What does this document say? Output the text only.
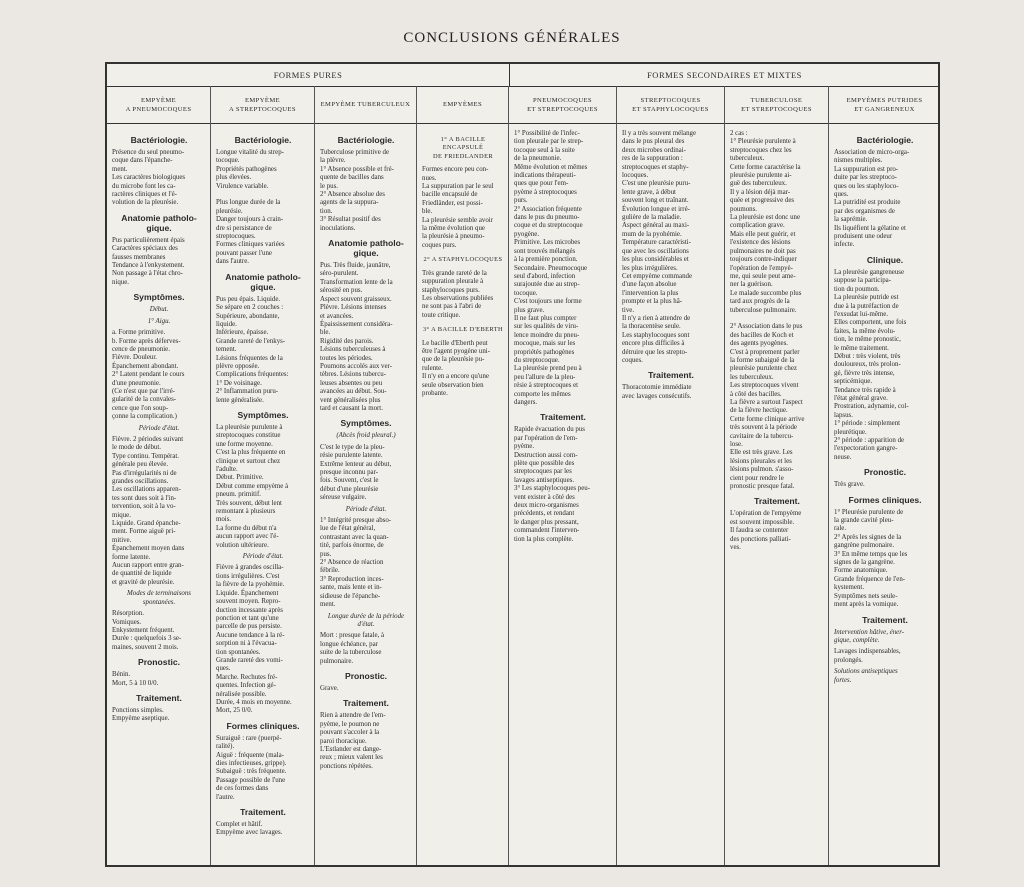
CONCLUSIONS GÉNÉRALES
FORMES PURES	FORMES SECONDAIRES ET MIXTES
EMPYÈME
A PNEUMOCOQUES
Bactériologie.

Présence du seul pneumo-
coque dans l'épanche-
ment.
Les caractères biologiques
du microbe font les ca-
ractères cliniques et l'é-
volution de la pleurésie.

Anatomie patholo-
gique.

Pus particulièrement épais
Caractères spéciaux des
fausses membranes
Tendance à l'enkystement.
Non passage à l'état chro-
nique.

Symptômes.

Début.

1° Aigu.

a. Forme primitive.
b. Forme après déferves-
cence de pneumonie.
Fièvre. Douleur.
Épanchement abondant.
2° Latent pendant le cours
d'une pneumonie.
(Ce n'est que par l'irré-
gularité de la convales-
cence que l'on soup-
çonne la complication.)

Période d'état.

Fièvre. 2 périodes suivant
le mode de début.
Type continu. Températ.
générale peu élevée.
Pas d'irrégularités ni de
grandes oscillations.
Les oscillations apparen-
tes sont dues soit à l'in-
tervention, soit à la vo-
mique.
Liquide. Grand épanche-
ment. Forme aiguë pri-
mitive.
Épanchement moyen dans
forme latente.
Aucun rapport entre gran-
de quantité de liquide
et gravité de pleurésie.

Modes de terminaisons
spontanées.

Résorption.
Vomiques.
Enkystement fréquent.
Durée : quelquefois 3 se-
maines, souvent 2 mois.

Pronostic.

Bénin.
Mort, 5 à 10 0/0.

Traitement.

Ponctions simples.
Empyème aseptique.

EMPYÈME
A STREPTOCOQUES
Bactériologie.

Longue vitalité du strep-
tocoque.
Propriétés pathogènes
plus élevées.
Virulence variable.

Plus longue durée de la
pleurésie.
Danger toujours à crain-
dre si persistance de
streptocoques.
Formes cliniques variées
pouvant passer l'une
dans l'autre.

Anatomie patholo-
gique.

Pus peu épais. Liquide.
Se sépare en 2 couches :
Supérieure, abondante,
liquide.
Inférieure, épaisse.
Grande rareté de l'enkys-
tement.
Lésions fréquentes de la
plèvre opposée.
Complications fréquentes:
1° De voisinage.
2° Inflammation puru-
lente généralisée.

Symptômes.

La pleurésie purulente à
streptocoques constitue
une forme moyenne.
C'est la plus fréquente en
clinique et surtout chez
l'adulte.
Début. Primitive.
Début comme empyème à
pneum. primitif.
Très souvent, début lent
remontant à plusieurs
mois.
La forme du début n'a
aucun rapport avec l'é-
volution ultérieure.

Période d'état.

Fièvre à grandes oscilla-
tions irrégulières. C'est
la fièvre de la pyohémie.
Liquide. Épanchement
souvent moyen. Repro-
duction incessante après
ponction et tant qu'une
parcelle de pus persiste.
Aucune tendance à la ré-
sorption ni à l'évacua-
tion spontanées.
Grande rareté des vomi-
ques.
Marche. Rechutes fré-
quentes. Infection gé-
néralisée possible.
Durée, 4 mois en moyenne.
Mort, 25 0/0.

Formes cliniques.

Suraiguë : rare (puerpé-
ralité).
Aiguë : fréquente (mala-
dies infectieuses, grippe).
Subaiguë : très fréquente.
Passage possible de l'une
de ces formes dans
l'autre.

Traitement.

Complet et hâtif.
Empyème avec lavages.

EMPYÈME TUBERCULEUX
Bactériologie.

Tuberculose primitive de
la plèvre.
1° Absence possible et fré-
quente de bacilles dans
le pus.
2° Absence absolue des
agents de la suppura-
tion.
3° Résultat positif des
inoculations.

Anatomie patholo-
gique.

Pus. Très fluide, jaunâtre,
séro-purulent.
Transformation lente de la
sérosité en pus.
Aspect souvent graisseux.
Plèvre. Lésions intenses
et avancées.
Épaississement considéra-
ble.
Rigidité des parois.
Lésions tuberculeuses à
toutes les périodes.
Poumons accolés aux ver-
tèbres. Lésions tubercu-
leuses absentes ou peu
avancées au début. Sou-
vent généralisées plus
tard et causant la mort.

Symptômes.

(Abcès froid pleural.)

C'est le type de la pleu-
résie purulente latente.
Extrême lenteur au début,
presque inconnu par-
fois. Souvent, c'est le
début d'une pleurésie
séreuse vulgaire.

Période d'état.

1° Intégrité presque abso-
lue de l'état général,
contrastant avec la quan-
tité, parfois énorme, de
pus.
2° Absence de réaction
fébrile.
3° Reproduction inces-
sante, mais lente et in-
sidieuse de l'épanche-
ment.

Longue durée de la période
d'état.

Mort : presque fatale, à
longue échéance, par
suite de la tuberculose
pulmonaire.

Pronostic.

Grave.

Traitement.

Rien à attendre de l'em-
pyème, le poumon ne
pouvant s'accoler à la
paroi thoracique.
L'Estlander est dange-
reux ; mieux valent les
ponctions répétées.

EMPYÈMES
1° A BACILLE ENCAPSULÉ
DE FRIEDLANDER

Formes encore peu con-
nues.
La suppuration par le seul
bacille encapsulé de
Friedländer, est possi-
ble.
La pleurésie semble avoir
la même évolution que
la pleurésie à pneumo-
coques purs.

2° A STAPHYLOCOQUES

Très grande rareté de la
suppuration pleurale à
staphylocoques purs.
Les observations publiées
ne sont pas à l'abri de
toute critique.

3° A BACILLE D'EBERTH

Le bacille d'Eberth peut
être l'agent pyogène uni-
que de la pleurésie pu-
rulente.
Il n'y en a encore qu'une
seule observation bien
probante.

PNEUMOCOQUES
ET STREPTOCOQUES

1° Possibilité de l'infec-
tion pleurale par le strep-
tocoque seul à la suite
de la pneumonie.
Même évolution et mêmes
indications thérapeuti-
ques que pour l'em-
pyème à streptocoques
purs.
2° Association fréquente
dans le pus du pneumo-
coque et du streptocoque
pyogène.
Primitive. Les microbes
sont trouvés mélangés
à la première ponction.
Secondaire. Pneumocoque
seul d'abord, infection
surajoutée due au strep-
tocoque.
C'est toujours une forme
plus grave.
Il ne faut plus compter
sur les qualités de viru-
lence moindre du pneu-
mocoque, mais sur les
propriétés pathogènes
du streptocoque.
La pleurésie prend peu à
peu l'allure de la pleu-
résie à streptocoques et
comporte les mêmes
dangers.

Traitement.

Rapide évacuation du pus
par l'opération de l'em-
pyème.
Destruction aussi com-
plète que possible des
streptocoques par les
lavages antiseptiques.
3° Les staphylocoques peu-
vent exister à côté des
deux micro-organismes
précédents, et rendant
le danger plus pressant,
commandent l'interven-
tion la plus complète.

STREPTOCOQUES
ET STAPHYLOCOQUES

Il y a très souvent mélange
dans le pus pleural des
deux microbes ordinai-
res de la suppuration :
streptocoques et staphy-
locoques.
C'est une pleurésie puru-
lente grave, à début
souvent long et traînant.
Évolution longue et irré-
gulière de la maladie.
Aspect général au maxi-
mum de la pyohémie.
Température caractéristi-
que avec les oscillations
les plus considérables et
les plus irrégulières.
Cet empyème commande
d'une façon absolue
l'intervention la plus
prompte et la plus hâ-
tive.
Il n'y a rien à attendre de
la thoracentèse seule.
Les staphylocoques sont
encore plus difficiles à
détruire que les strepto-
coques.

Traitement.

Thoracotomie immédiate
avec lavages consécutifs.

TUBERCULOSE
ET STREPTOCOQUES

2 cas :
1° Pleurésie purulente à
streptocoques chez les
tuberculeux.
Cette forme caractérise la
pleurésie purulente ai-
guë des tuberculeux.
Il y a lésion déjà mar-
quée et progressive des
poumons.
La pleurésie est donc une
complication grave.
Mais elle peut guérir, et
l'existence des lésions
pulmonaires ne doit pas
toujours contre-indiquer
l'opération de l'empyè-
me, qui seule peut ame-
ner la guérison.
Le malade succombe plus
tard aux progrès de la
tuberculose pulmonaire.

2° Association dans le pus
des bacilles de Koch et
des agents pyogènes.
C'est à proprement parler
la forme subaiguë de la
pleurésie purulente chez
les tuberculeux.
Les streptocoques vivent
à côté des bacilles.
La fièvre a surtout l'aspect
de la fièvre hectique.
Cette forme clinique arrive
très souvent à la période
cavitaire de la tubercu-
lose.
Elle est très grave. Les
lésions pleurales et les
lésions pulmon. s'asso-
cient pour rendre le
pronostic presque fatal.

Traitement.

L'opération de l'empyème
est souvent impossible.
Il faudra se contenter
des ponctions palliati-
ves.

EMPYÈMES PUTRIDES
ET GANGRENEUX
Bactériologie.

Association de micro-orga-
nismes multiples.
La suppuration est pro-
duite par les streptoco-
ques ou les staphyloco-
ques.
La putridité est produite
par des organismes de
la saprémie.
Ils liquéfient la gélatine et
produisent une odeur
infecte.

Clinique.

La pleurésie gangreneuse
suppose la participa-
tion du poumon.
La pleurésie putride est
due à la putréfaction de
l'exsudat lui-même.
Elles comportent, une fois
faites, la même évolu-
tion, le même pronostic,
le même traitement.
Début : très violent, très
douloureux, très prolon-
gé, fièvre très intense,
septicémique.
Tendance très rapide à
l'état général grave.
Prostration, adynamie, col-
lapsus.
1° période : simplement
pleurétique.
2° période : apparition de
l'expectoration gangre-
neuse.

Pronostic.

Très grave.

Formes cliniques.

1° Pleurésie purulente de
la grande cavité pleu-
rale.
2° Après les signes de la
gangrène pulmonaire.
3° En même temps que les
signes de la gangrène.
Forme anatomique.
Grande fréquence de l'en-
kystement.
Symptômes nets seule-
ment après la vomique.

Traitement.

Intervention hâtive, éner-
gique, complète.

Lavages indispensables,
prolongés.

Solutions antiseptiques
fortes.
